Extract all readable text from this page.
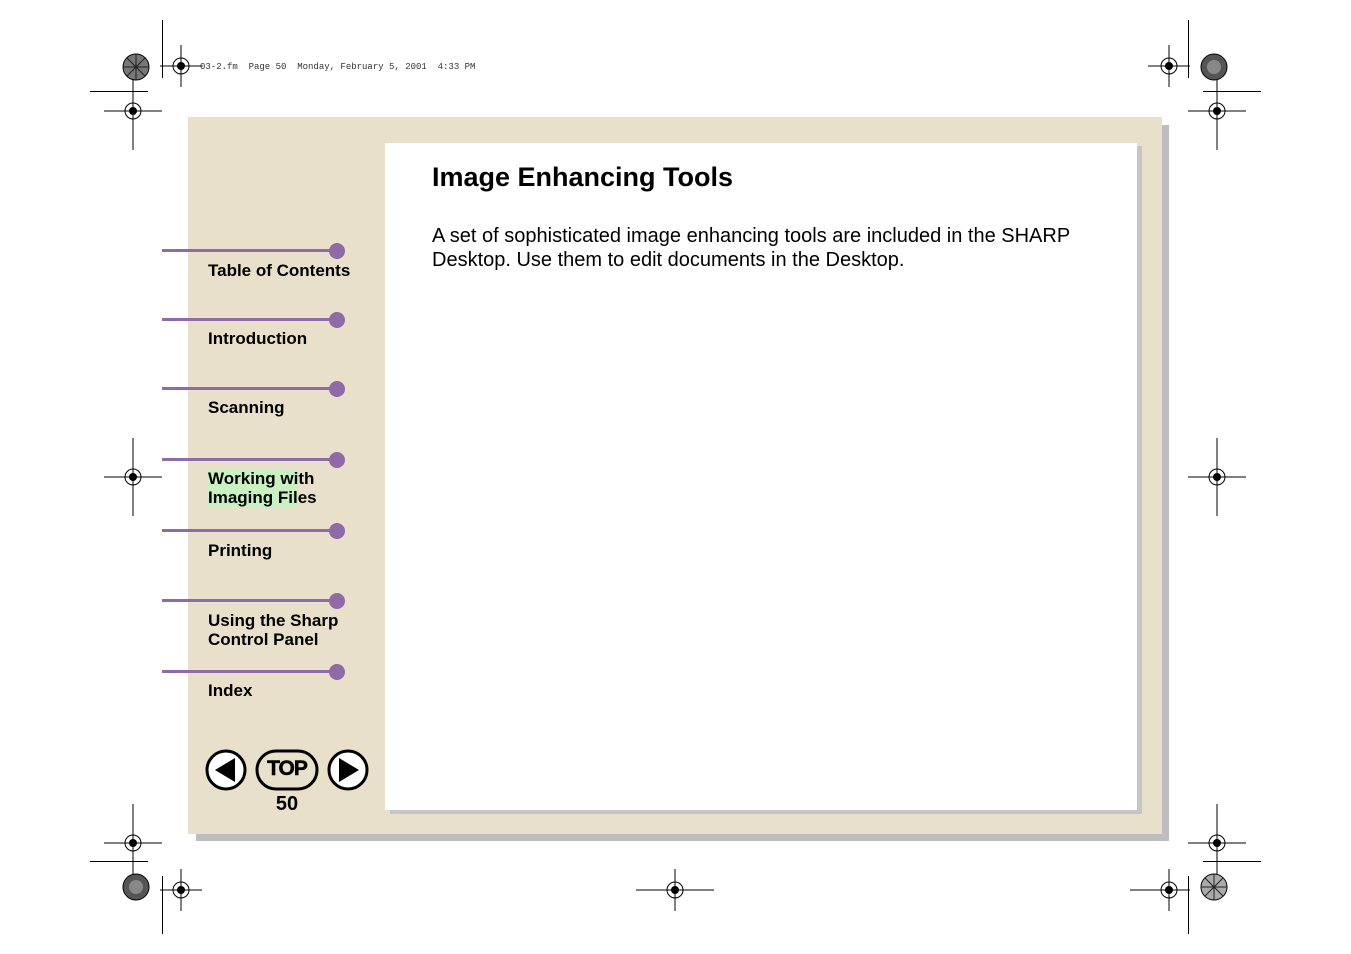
03-2.fm  Page 50  Monday, February 5, 2001  4:33 PM
Image Enhancing Tools

A set of sophisticated image enhancing tools are included in the SHARP Desktop. Use them to edit documents in the Desktop.

Table of Contents
Introduction
Scanning
Working with
Imaging Files
Printing
Using the Sharp
Control Panel
Index
TOP
50
